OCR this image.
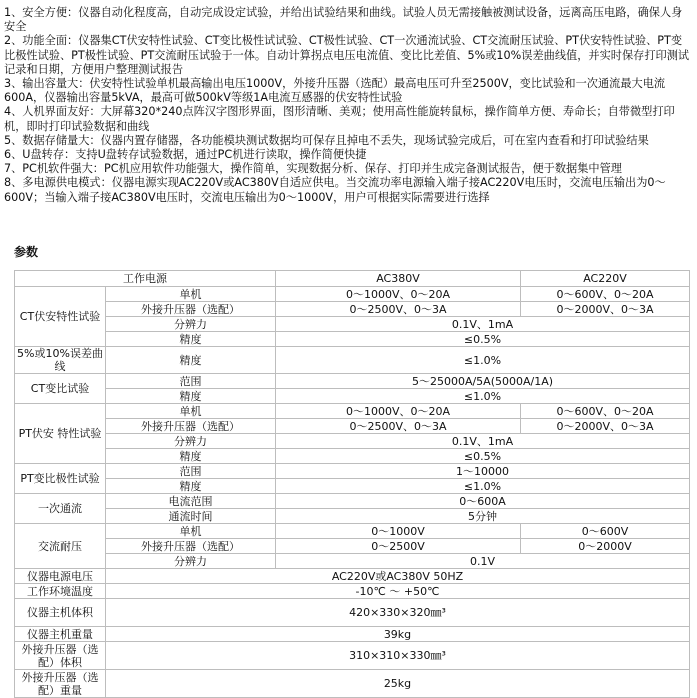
1、安全方便：仪器自动化程度高，自动完成设定试验，并给出试验结果和曲线。试验人员无需接触被测试设备，远离高压电路，确保人身安全

2、功能全面：仪器集CT伏安特性试验、CT变比极性试试验、CT极性试验、CT一次通流试验、CT交流耐压试验、PT伏安特性试验、PT变比极性试验、PT极性试验、PT交流耐压试验于一体。自动计算拐点电压电流值、变比比差值、5%或10%误差曲线值，并实时保存打印测试记录和日期，方便用户整理测试报告

3、输出容量大：伏安特性试验单机最高输出电压1000V，外接升压器（选配）最高电压可升至2500V，变比试验和一次通流最大电流600A，仪器输出容量5kVA，最高可做500kV等级1A电流互感器的伏安特性试验

4、人机界面友好：大屏幕320*240点阵汉字图形界面，图形清晰、美观；使用高性能旋转鼠标，操作简单方便、寿命长；自带微型打印机，即时打印试验数据和曲线

5、数据存储量大：仪器内置存储器，各功能模块测试数据均可保存且掉电不丢失，现场试验完成后，可在室内查看和打印试验结果

6、U盘转存：支持U盘转存试验数据，通过PC机进行读取，操作简便快捷

7、PC机软件强大：PC机应用软件功能强大，操作简单，实现数据分析、保存、打印并生成完备测试报告，便于数据集中管理

8、多电源供电模式：仪器电源实现AC220V或AC380V自适应供电。当交流功率电源输入端子接AC220V电压时，交流电压输出为0～600V；当输入端子接AC380V电压时，交流电压输出为0～1000V，用户可根据实际需要进行选择

参数
工作电源		AC380V	AC220V
CT伏安特性试验	单机	0～1000V、0～20A	0～600V、0～20A
	外接升压器（选配）	0～2500V、0～3A	0～2000V、0～3A
	分辨力	0.1V、1mA	
	精度	≤0.5%	
5%或10%误差曲线	精度	≤1.0%	
CT变比试验	范围	5～25000A/5A(5000A/1A)	
	精度	≤1.0%	
PT伏安 特性试验	单机	0～1000V、0～20A	0～600V、0～20A
	外接升压器（选配）	0～2500V、0～3A	0～2000V、0～3A
	分辨力	0.1V、1mA	
	精度	≤0.5%	
PT变比极性试验	范围	1～10000	
	精度	≤1.0%	
一次通流	电流范围	0～600A	
	通流时间	5分钟	
交流耐压	单机	0～1000V	0～600V
	外接升压器（选配）	0～2500V	0～2000V
	分辨力	0.1V	
仪器电源电压	AC220V或AC380V 50HZ		
工作环境温度	-10℃ ～ +50℃		
仪器主机体积	420×330×320㎜³		
仪器主机重量	39kg		
外接升压器（选配）体积	310×310×330㎜³		
外接升压器（选配）重量	25kg		
